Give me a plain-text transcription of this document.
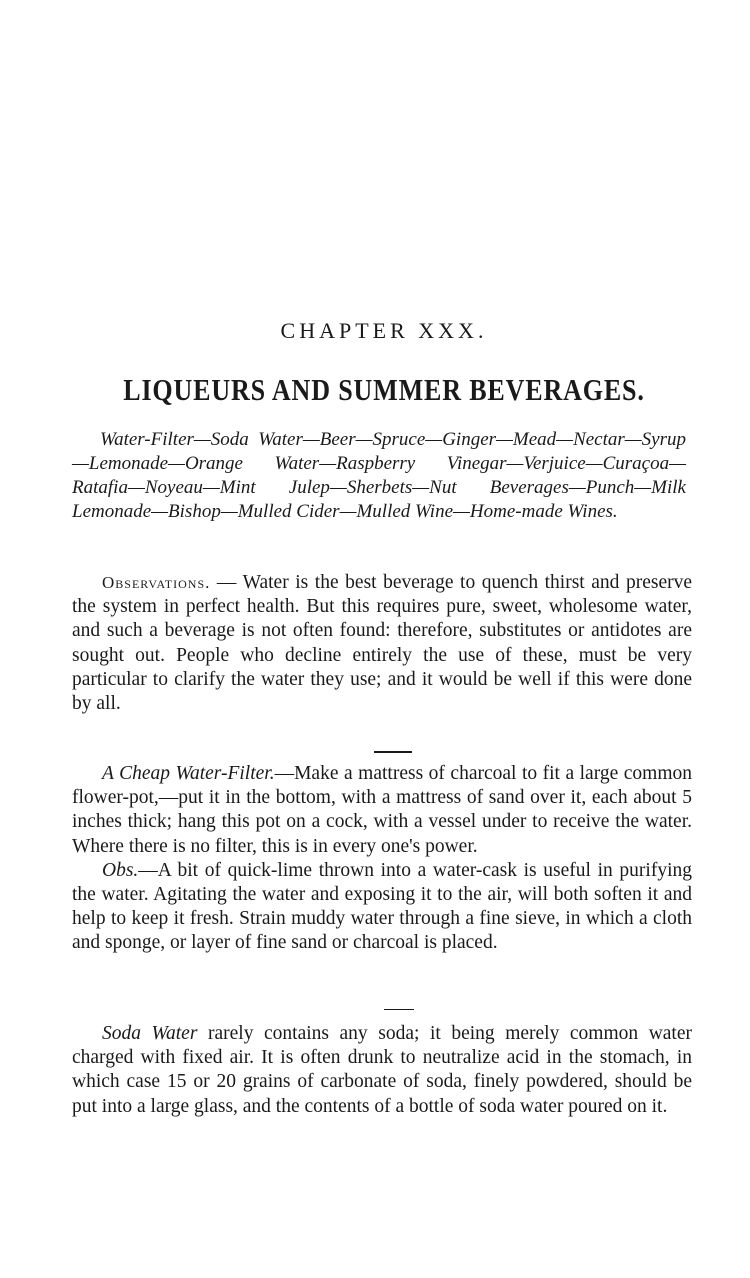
CHAPTER XXX.
LIQUEURS AND SUMMER BEVERAGES.

Water-Filter—Soda Water—Beer—Spruce—Ginger—Mead—Nectar—Syrup—Lemonade—Orange Water—Raspberry Vinegar—Verjuice—Curaçoa—Ratafia—Noyeau—Mint Julep—Sherbets—Nut Beverages—Punch—Milk Lemonade—Bishop—Mulled Cider—Mulled Wine—Home-made Wines.

Observations. — Water is the best beverage to quench thirst and preserve the system in perfect health. But this requires pure, sweet, wholesome water, and such a beverage is not often found: therefore, substitutes or antidotes are sought out. People who decline entirely the use of these, must be very particular to clarify the water they use; and it would be well if this were done by all.

A Cheap Water-Filter.—Make a mattress of charcoal to fit a large common flower-pot,—put it in the bottom, with a mattress of sand over it, each about 5 inches thick; hang this pot on a cock, with a vessel under to receive the water. Where there is no filter, this is in every one's power.

Obs.—A bit of quick-lime thrown into a water-cask is useful in purifying the water. Agitating the water and exposing it to the air, will both soften it and help to keep it fresh. Strain muddy water through a fine sieve, in which a cloth and sponge, or layer of fine sand or charcoal is placed.

Soda Water rarely contains any soda; it being merely common water charged with fixed air. It is often drunk to neutralize acid in the stomach, in which case 15 or 20 grains of carbonate of soda, finely powdered, should be put into a large glass, and the contents of a bottle of soda water poured on it.
